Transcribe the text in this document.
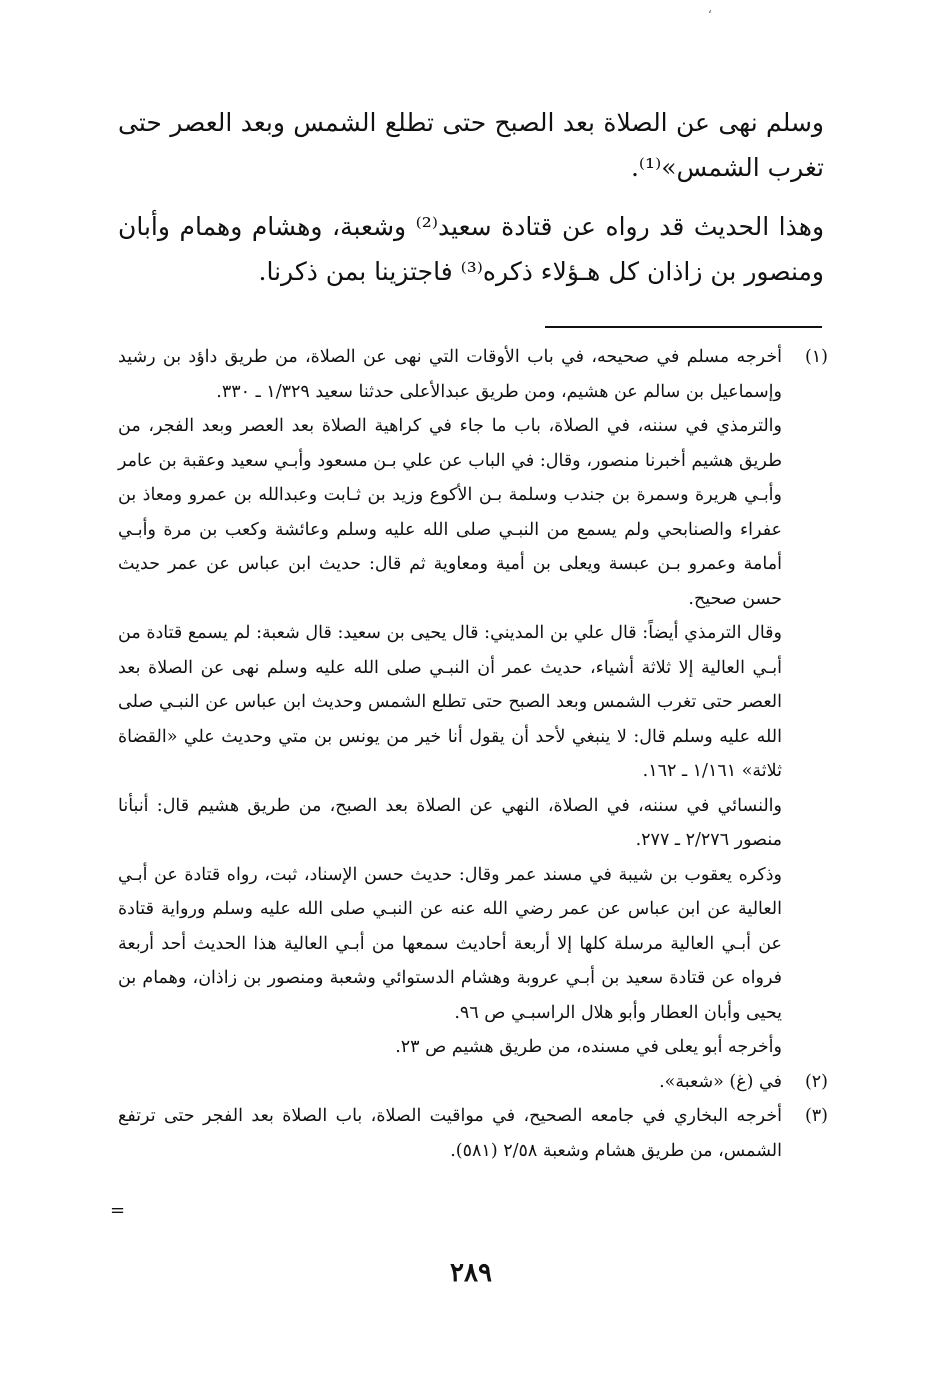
‘

وسلم نهى عن الصلاة بعد الصبح حتى تطلع الشمس وبعد العصر حتى تغرب الشمس»⁽¹⁾.

وهذا الحديث قد رواه عن قتادة سعيد⁽²⁾ وشعبة، وهشام وهمام وأبان ومنصور بن زاذان كل هـؤلاء ذكره⁽³⁾ فاجتزينا بمن ذكرنا.

(١)

أخرجه مسلم في صحيحه، في باب الأوقات التي نهى عن الصلاة، من طريق داؤد بن رشيد وإسماعيل بن سالم عن هشيم، ومن طريق عبدالأعلى حدثنا سعيد ١/٣٢٩ ـ ٣٣٠.

والترمذي في سننه، في الصلاة، باب ما جاء في كراهية الصلاة بعد العصر وبعد الفجر، من طريق هشيم أخبرنا منصور، وقال: في الباب عن علي بـن مسعود وأبـي سعيد وعقبة بن عامر وأبـي هريرة وسمرة بن جندب وسلمة بـن الأكوع وزيد بن ثـابت وعبدالله بن عمرو ومعاذ بن عفراء والصنابحي ولم يسمع من النبـي صلى الله عليه وسلم وعائشة وكعب بن مرة وأبـي أمامة وعمرو بـن عبسة ويعلى بن أمية ومعاوية ثم قال: حديث ابن عباس عن عمر حديث حسن صحيح.

وقال الترمذي أيضاً: قال علي بن المديني: قال يحيى بن سعيد: قال شعبة: لم يسمع قتادة من أبـي العالية إلا ثلاثة أشياء، حديث عمر أن النبـي صلى الله عليه وسلم نهى عن الصلاة بعد العصر حتى تغرب الشمس وبعد الصبح حتى تطلع الشمس وحديث ابن عباس عن النبـي صلى الله عليه وسلم قال: لا ينبغي لأحد أن يقول أنا خير من يونس بن متي وحديث علي «القضاة ثلاثة» ١/١٦١ ـ ١٦٢.

والنسائي في سننه، في الصلاة، النهي عن الصلاة بعد الصبح، من طريق هشيم قال: أنبأنا منصور ٢/٢٧٦ ـ ٢٧٧.

وذكره يعقوب بن شيبة في مسند عمر وقال: حديث حسن الإسناد، ثبت، رواه قتادة عن أبـي العالية عن ابن عباس عن عمر رضي الله عنه عن النبـي صلى الله عليه وسلم ورواية قتادة عن أبـي العالية مرسلة كلها إلا أربعة أحاديث سمعها من أبـي العالية هذا الحديث أحد أربعة فرواه عن قتادة سعيد بن أبـي عروبة وهشام الدستوائي وشعبة ومنصور بن زاذان، وهمام بن يحيى وأبان العطار وأبو هلال الراسبـي ص ٩٦.

وأخرجه أبو يعلى في مسنده، من طريق هشيم ص ٢٣.

(٢)

في (غ) «شعبة».

(٣)

أخرجه البخاري في جامعه الصحيح، في مواقيت الصلاة، باب الصلاة بعد الفجر حتى ترتفع الشمس، من طريق هشام وشعبة ٢/٥٨ (٥٨١).

=
٢٨٩
